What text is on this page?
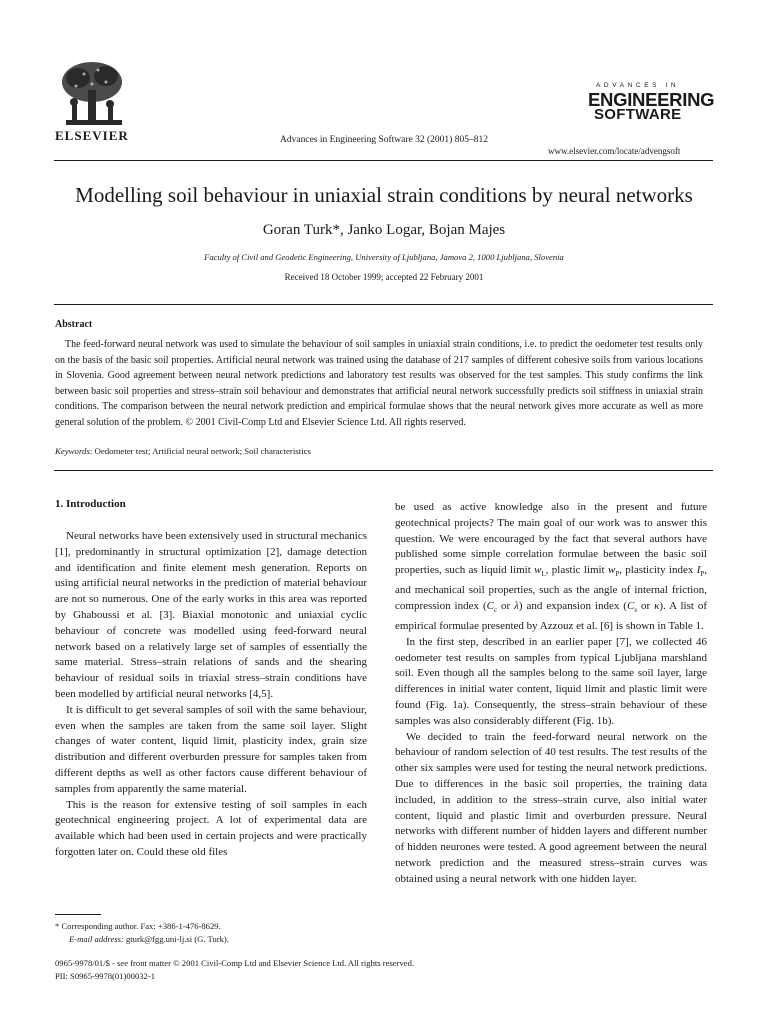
ELSEVIER	Advances in Engineering Software 32 (2001) 805–812
ADVANCES IN
ENGINEERING
SOFTWARE
www.elsevier.com/locate/advengsoft
Modelling soil behaviour in uniaxial strain conditions by neural networks
Goran Turk*, Janko Logar, Bojan Majes
Faculty of Civil and Geodetic Engineering, University of Ljubljana, Jamova 2, 1000 Ljubljana, Slovenia
Received 18 October 1999; accepted 22 February 2001
Abstract
The feed-forward neural network was used to simulate the behaviour of soil samples in uniaxial strain conditions, i.e. to predict the oedometer test results only on the basis of the basic soil properties. Artificial neural network was trained using the database of 217 samples of different cohesive soils from various locations in Slovenia. Good agreement between neural network predictions and laboratory test results was observed for the test samples. This study confirms the link between basic soil properties and stress–strain soil behaviour and demonstrates that artificial neural network successfully predicts soil stiffness in uniaxial strain conditions. The comparison between the neural network prediction and empirical formulae shows that the neural network gives more accurate as well as more general solution of the problem. © 2001 Civil-Comp Ltd and Elsevier Science Ltd. All rights reserved.
Keywords: Oedometer test; Artificial neural network; Soil characteristics
1. Introduction

Neural networks have been extensively used in structural mechanics [1], predominantly in structural optimization [2], damage detection and identification and finite element mesh generation. Reports on using artificial neural networks in the prediction of material behaviour are not so numerous. One of the early works in this area was reported by Ghaboussi et al. [3]. Biaxial monotonic and uniaxial cyclic behaviour of concrete was modelled using feed-forward neural network based on a relatively large set of samples of essentially the same material. Stress–strain relations of sands and the shearing behaviour of residual soils in triaxial stress–strain conditions have been modelled by artificial neural networks [4,5].

It is difficult to get several samples of soil with the same behaviour, even when the samples are taken from the same soil layer. Slight changes of water content, liquid limit, plasticity index, grain size distribution and different overburden pressure for samples taken from different depths as well as other factors cause different behaviour of samples from apparently the same material.

This is the reason for extensive testing of soil samples in each geotechnical engineering project. A lot of experimental data are available which had been used in certain projects and were practically forgotten later on. Could these old files

be used as active knowledge also in the present and future geotechnical projects? The main goal of our work was to answer this question. We were encouraged by the fact that several authors have published some simple correlation formulae between the basic soil properties, such as liquid limit $w_L$, plastic limit $w_P$, plasticity index $I_P$, and mechanical soil properties, such as the angle of internal friction, compression index ($C_c$ or λ) and expansion index ($C_s$ or κ). A list of empirical formulae presented by Azzouz et al. [6] is shown in Table 1.

In the first step, described in an earlier paper [7], we collected 46 oedometer test results on samples from typical Ljubljana marshland soil. Even though all the samples belong to the same soil layer, large differences in initial water content, liquid limit and plastic limit were found (Fig. 1a). Consequently, the stress–strain behaviour of these samples was also considerably different (Fig. 1b).

We decided to train the feed-forward neural network on the behaviour of random selection of 40 test results. The test results of the other six samples were used for testing the neural network predictions. Due to differences in the basic soil properties, the training data included, in addition to the stress–strain curve, also initial water content, liquid and plastic limit and overburden pressure. Neural networks with different number of hidden layers and different number of hidden neurones were tested. A good agreement between the neural network prediction and the measured stress–strain curves was obtained using a neural network with one hidden layer.

* Corresponding author. Fax: +386-1-476-8629.
E-mail address: gturk@fgg.uni-lj.si (G. Turk).
0965-9978/01/$ - see front matter © 2001 Civil-Comp Ltd and Elsevier Science Ltd. All rights reserved.
PII: S0965-9978(01)00032-1
